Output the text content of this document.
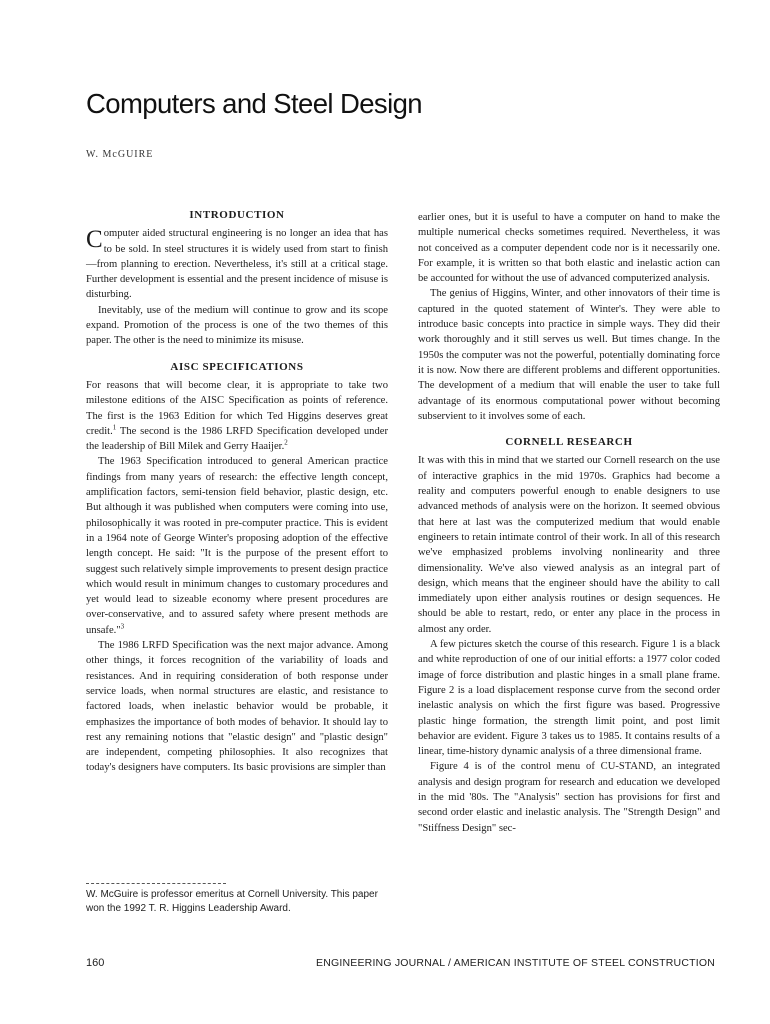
Computers and Steel Design
W. McGUIRE
INTRODUCTION

Computer aided structural engineering is no longer an idea that has to be sold. In steel structures it is widely used from start to finish—from planning to erection. Nevertheless, it's still at a critical stage. Further development is essential and the present incidence of misuse is disturbing.

Inevitably, use of the medium will continue to grow and its scope expand. Promotion of the process is one of the two themes of this paper. The other is the need to minimize its misuse.

AISC SPECIFICATIONS

For reasons that will become clear, it is appropriate to take two milestone editions of the AISC Specification as points of reference. The first is the 1963 Edition for which Ted Higgins deserves great credit.$^1$ The second is the 1986 LRFD Specification developed under the leadership of Bill Milek and Gerry Haaijer.$^2$

The 1963 Specification introduced to general American practice findings from many years of research: the effective length concept, amplification factors, semi-tension field behavior, plastic design, etc. But although it was published when computers were coming into use, philosophically it was rooted in pre-computer practice. This is evident in a 1964 note of George Winter's proposing adoption of the effective length concept. He said: "It is the purpose of the present effort to suggest such relatively simple improvements to present design practice which would result in minimum changes to customary procedures and yet would lead to sizeable economy where present procedures are over-conservative, and to assured safety where present methods are unsafe."$^3$

The 1986 LRFD Specification was the next major advance. Among other things, it forces recognition of the variability of loads and resistances. And in requiring consideration of both response under service loads, when normal structures are elastic, and resistance to factored loads, when inelastic behavior would be probable, it emphasizes the importance of both modes of behavior. It should lay to rest any remaining notions that "elastic design" and "plastic design" are independent, competing philosophies. It also recognizes that today's designers have computers. Its basic provisions are simpler than

earlier ones, but it is useful to have a computer on hand to make the multiple numerical checks sometimes required. Nevertheless, it was not conceived as a computer dependent code nor is it necessarily one. For example, it is written so that both elastic and inelastic action can be accounted for without the use of advanced computerized analysis.

The genius of Higgins, Winter, and other innovators of their time is captured in the quoted statement of Winter's. They were able to introduce basic concepts into practice in simple ways. They did their work thoroughly and it still serves us well. But times change. In the 1950s the computer was not the powerful, potentially dominating force it is now. Now there are different problems and different opportunities. The development of a medium that will enable the user to take full advantage of its enormous computational power without becoming subservient to it involves some of each.

CORNELL RESEARCH

It was with this in mind that we started our Cornell research on the use of interactive graphics in the mid 1970s. Graphics had become a reality and computers powerful enough to enable designers to use advanced methods of analysis were on the horizon. It seemed obvious that here at last was the computerized medium that would enable engineers to retain intimate control of their work. In all of this research we've emphasized problems involving nonlinearity and three dimensionality. We've also viewed analysis as an integral part of design, which means that the engineer should have the ability to call immediately upon either analysis routines or design sequences. He should be able to restart, redo, or enter any place in the process in almost any order.

A few pictures sketch the course of this research. Figure 1 is a black and white reproduction of one of our initial efforts: a 1977 color coded image of force distribution and plastic hinges in a small plane frame. Figure 2 is a load displacement response curve from the second order inelastic analysis on which the first figure was based. Progressive plastic hinge formation, the strength limit point, and post limit behavior are evident. Figure 3 takes us to 1985. It contains results of a linear, time-history dynamic analysis of a three dimensional frame.

Figure 4 is of the control menu of CU-STAND, an integrated analysis and design program for research and education we developed in the mid '80s. The "Analysis" section has provisions for first and second order elastic and inelastic analysis. The "Strength Design" and "Stiffness Design" sec-

W. McGuire is professor emeritus at Cornell University. This paper won the 1992 T. R. Higgins Leadership Award.
160	ENGINEERING JOURNAL / AMERICAN INSTITUTE OF STEEL CONSTRUCTION
